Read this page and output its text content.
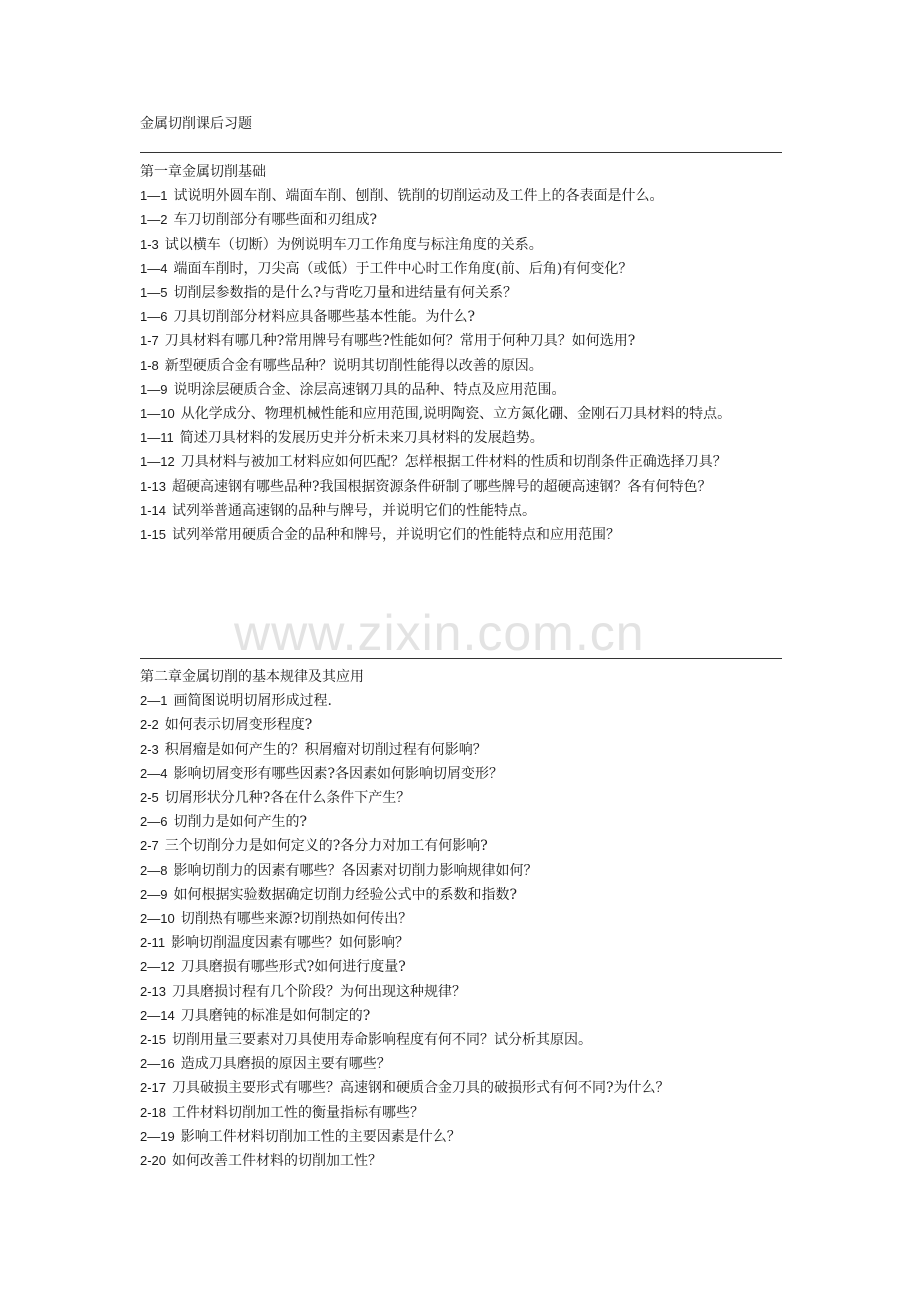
金属切削课后习题
第一章金属切削基础
1—1 试说明外圆车削、端面车削、刨削、铣削的切削运动及工件上的各表面是什么。
1—2 车刀切削部分有哪些面和刃组成?
1-3 试以横车（切断）为例说明车刀工作角度与标注角度的关系。
1—4 端面车削时，刀尖高（或低）于工件中心时工作角度(前、后角)有何变化？
1—5 切削层参数指的是什么?与背吃刀量和进结量有何关系？
1—6 刀具切削部分材料应具备哪些基本性能。为什么?
1-7 刀具材料有哪几种?常用牌号有哪些?性能如何？常用于何种刀具？如何选用?
1-8 新型硬质合金有哪些品种？说明其切削性能得以改善的原因。
1—9 说明涂层硬质合金、涂层高速钢刀具的品种、特点及应用范围。
1—10 从化学成分、物理机械性能和应用范围,说明陶瓷、立方氮化硼、金刚石刀具材料的特点。
1—11 简述刀具材料的发展历史并分析未来刀具材料的发展趋势。
1—12 刀具材料与被加工材料应如何匹配？怎样根据工件材料的性质和切削条件正确选择刀具？
1-13 超硬高速钢有哪些品种?我国根据资源条件研制了哪些牌号的超硬高速钢？各有何特色？
1-14 试列举普通高速钢的品种与牌号，并说明它们的性能特点。
1-15 试列举常用硬质合金的品种和牌号，并说明它们的性能特点和应用范围？
第二章金属切削的基本规律及其应用
2—1 画简图说明切屑形成过程.
2-2 如何表示切屑变形程度?
2-3 积屑瘤是如何产生的？积屑瘤对切削过程有何影响？
2—4 影响切屑变形有哪些因素?各因素如何影响切屑变形？
2-5 切屑形状分几种?各在什么条件下产生？
2—6 切削力是如何产生的?
2-7 三个切削分力是如何定义的?各分力对加工有何影响?
2—8 影响切削力的因素有哪些？各因素对切削力影响规律如何？
2—9 如何根据实验数据确定切削力经验公式中的系数和指数?
2—10 切削热有哪些来源?切削热如何传出？
2-11 影响切削温度因素有哪些？如何影响？
2—12 刀具磨损有哪些形式?如何进行度量?
2-13 刀具磨损讨程有几个阶段？为何出现这种规律？
2—14 刀具磨钝的标准是如何制定的?
2-15 切削用量三要素对刀具使用寿命影响程度有何不同？试分析其原因。
2—16 造成刀具磨损的原因主要有哪些？
2-17 刀具破损主要形式有哪些？高速钢和硬质合金刀具的破损形式有何不同?为什么？
2-18 工件材料切削加工性的衡量指标有哪些？
2—19 影响工件材料切削加工性的主要因素是什么？
2-20 如何改善工件材料的切削加工性？
www.zixin.com.cn
